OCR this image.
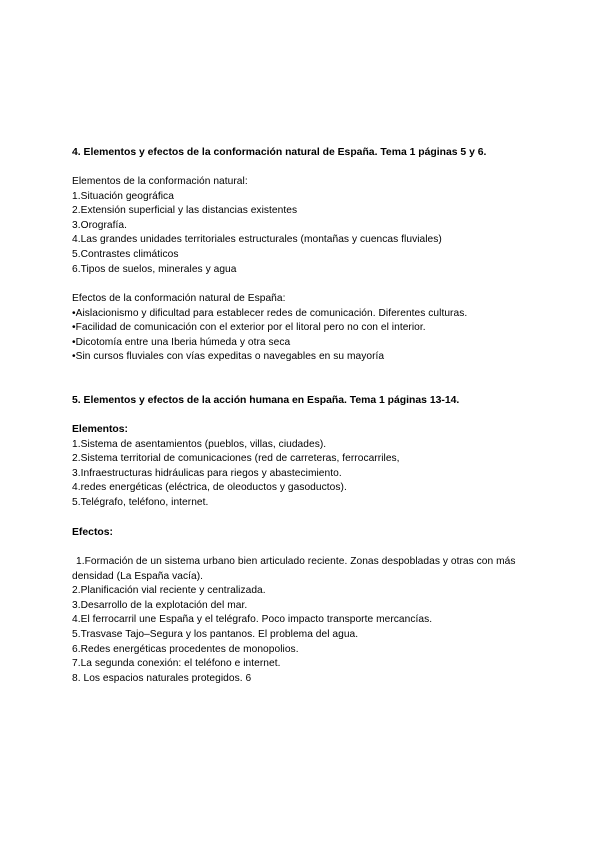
4. Elementos y efectos de la conformación natural de España. Tema 1 páginas 5 y 6.
Elementos de la conformación natural:
1.Situación geográfica
2.Extensión superficial y las distancias existentes
3.Orografía.
4.Las grandes unidades territoriales estructurales (montañas y cuencas fluviales)
5.Contrastes climáticos
6.Tipos de suelos, minerales y agua
Efectos de la conformación natural de España:
•Aislacionismo y dificultad para establecer redes de comunicación. Diferentes culturas.
•Facilidad de comunicación con el exterior por el litoral pero no con el interior.
•Dicotomía entre una Iberia húmeda y otra seca
•Sin cursos fluviales con vías expeditas o navegables en su mayoría
5. Elementos y efectos de la acción humana en España. Tema 1 páginas 13-14.
Elementos:
1.Sistema de asentamientos (pueblos, villas, ciudades).
2.Sistema territorial de comunicaciones (red de carreteras, ferrocarriles,
3.Infraestructuras hidráulicas para riegos y abastecimiento.
4.redes energéticas (eléctrica, de oleoductos y gasoductos).
5.Telégrafo, teléfono, internet.
Efectos:
1.Formación de un sistema urbano bien articulado reciente. Zonas despobladas y otras con más densidad (La España vacía).
2.Planificación vial reciente y centralizada.
3.Desarrollo de la explotación del mar.
4.El ferrocarril une España y el telégrafo. Poco impacto transporte mercancías.
5.Trasvase Tajo–Segura y los pantanos. El problema del agua.
6.Redes energéticas procedentes de monopolios.
7.La segunda conexión: el teléfono e internet.
8. Los espacios naturales protegidos. 6
